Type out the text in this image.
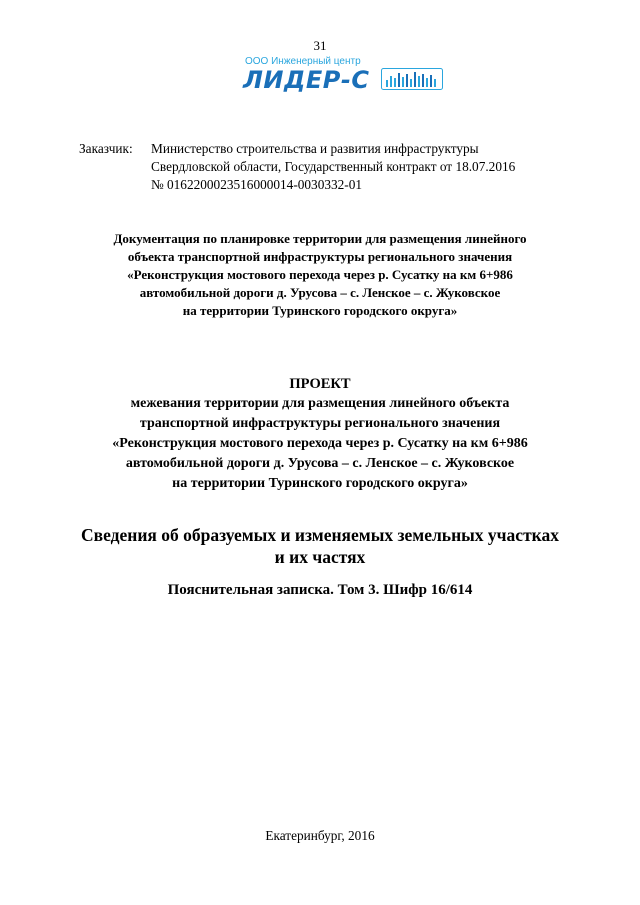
31
ООО Инженерный центр
ЛИДЕР-С
Заказчик: Министерство строительства и развития инфраструктуры
Свердловской области, Государственный контракт от 18.07.2016
№ 0162200023516000014-0030332-01
Документация по планировке территории для размещения линейного
объекта транспортной инфраструктуры регионального значения
«Реконструкция мостового перехода через р. Сусатку на км 6+986
автомобильной дороги д. Урусова – с. Ленское – с. Жуковское
на территории Туринского городского округа»
ПРОЕКТ
межевания территории для размещения линейного объекта
транспортной инфраструктуры регионального значения
«Реконструкция мостового перехода через р. Сусатку на км 6+986
автомобильной дороги д. Урусова – с. Ленское – с. Жуковское
на территории Туринского городского округа»
Сведения об образуемых и изменяемых земельных участках
и их частях
Пояснительная записка. Том 3. Шифр 16/614
Екатеринбург, 2016
